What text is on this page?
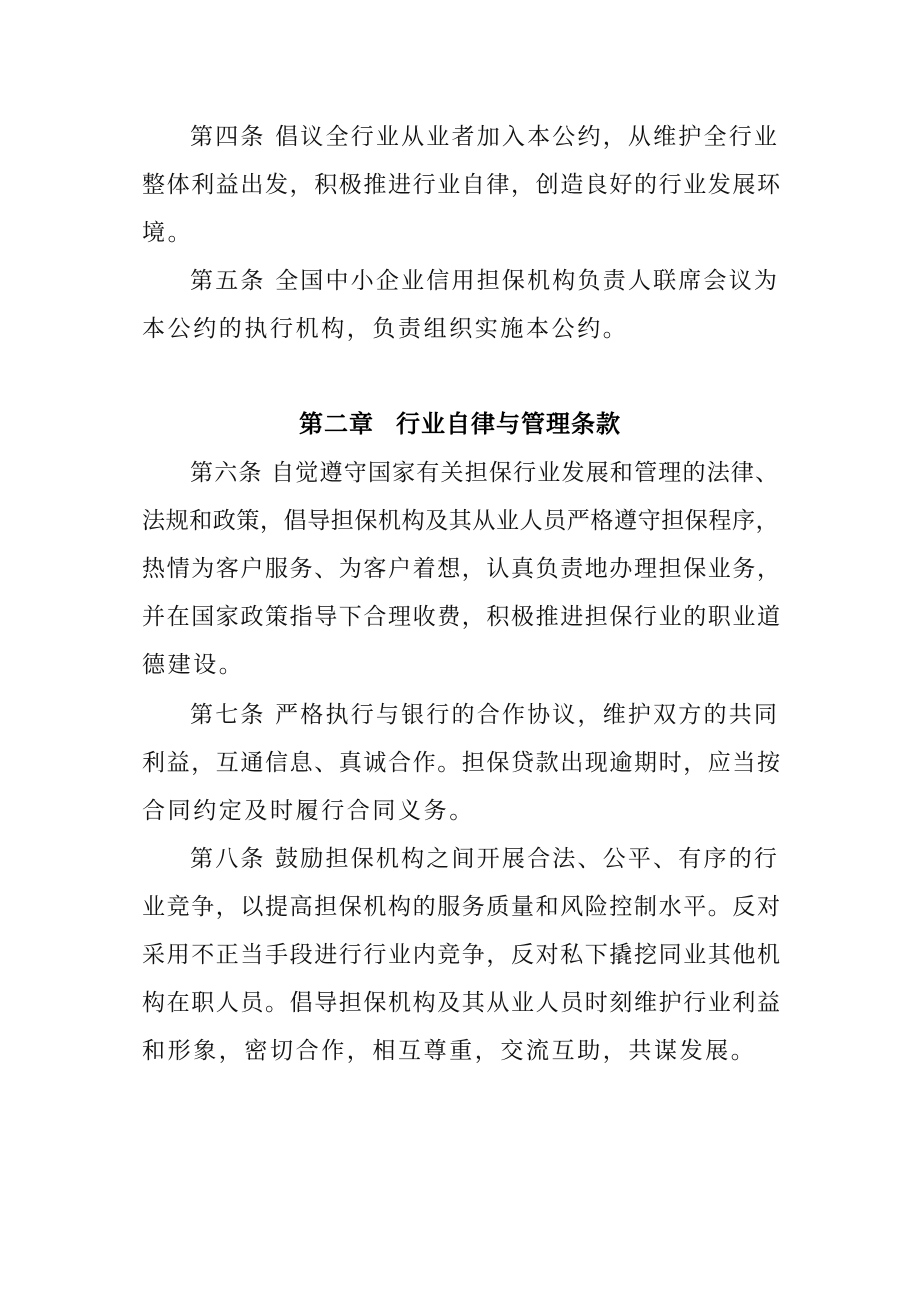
第四条 倡议全行业从业者加入本公约，从维护全行业
整体利益出发，积极推进行业自律，创造良好的行业发展环
境。
第五条 全国中小企业信用担保机构负责人联席会议为
本公约的执行机构，负责组织实施本公约。
第二章 行业自律与管理条款
第六条 自觉遵守国家有关担保行业发展和管理的法律、
法规和政策，倡导担保机构及其从业人员严格遵守担保程序，
热情为客户服务、为客户着想，认真负责地办理担保业务，
并在国家政策指导下合理收费，积极推进担保行业的职业道
德建设。
第七条 严格执行与银行的合作协议，维护双方的共同
利益，互通信息、真诚合作。担保贷款出现逾期时，应当按
合同约定及时履行合同义务。
第八条 鼓励担保机构之间开展合法、公平、有序的行
业竞争，以提高担保机构的服务质量和风险控制水平。反对
采用不正当手段进行行业内竞争，反对私下撬挖同业其他机
构在职人员。倡导担保机构及其从业人员时刻维护行业利益
和形象，密切合作，相互尊重，交流互助，共谋发展。
